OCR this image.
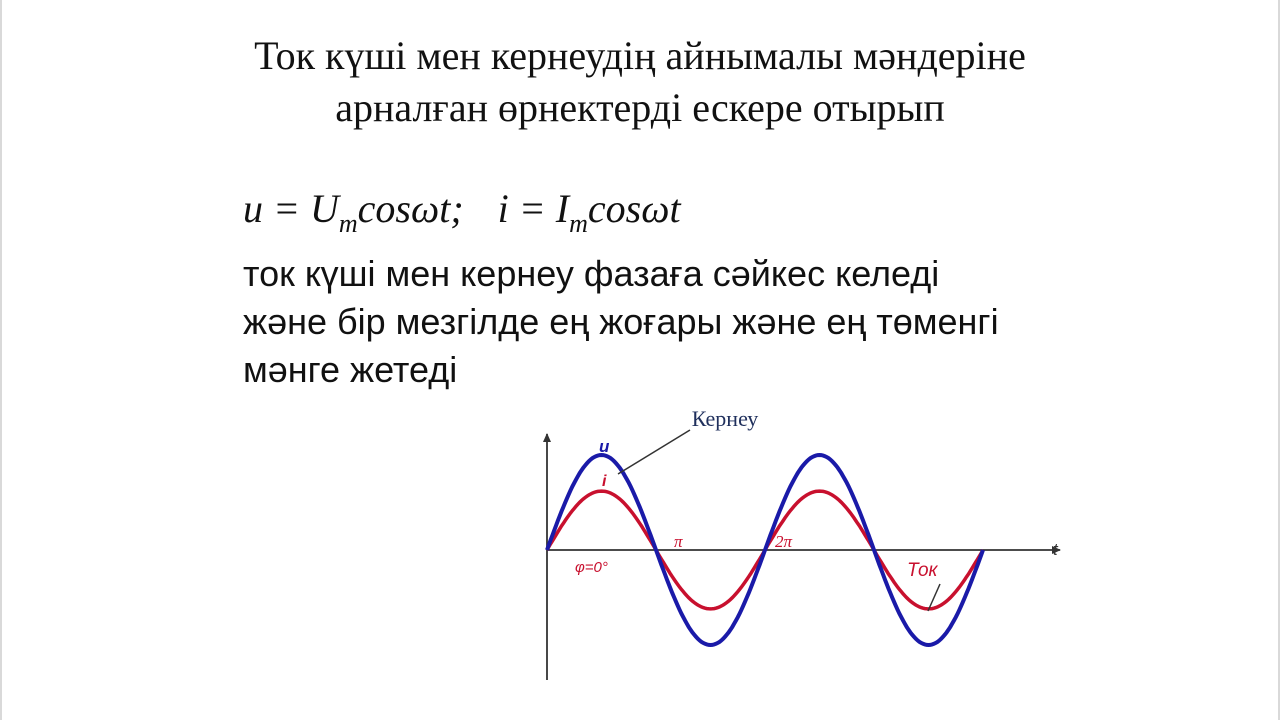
Ток күші мен кернеудің айнымалы мәндеріне
арналған өрнектерді ескере отырып
$u = U_m\cos\omega t$; $i = I_m\cos\omega t$
ток күші мен кернеу фазаға сәйкес келеді
және бір мезгілде ең жоғары және ең төменгі
мәнге жетеді
Кернеу
u
i
φ=0°
π	2π	t
Ток
